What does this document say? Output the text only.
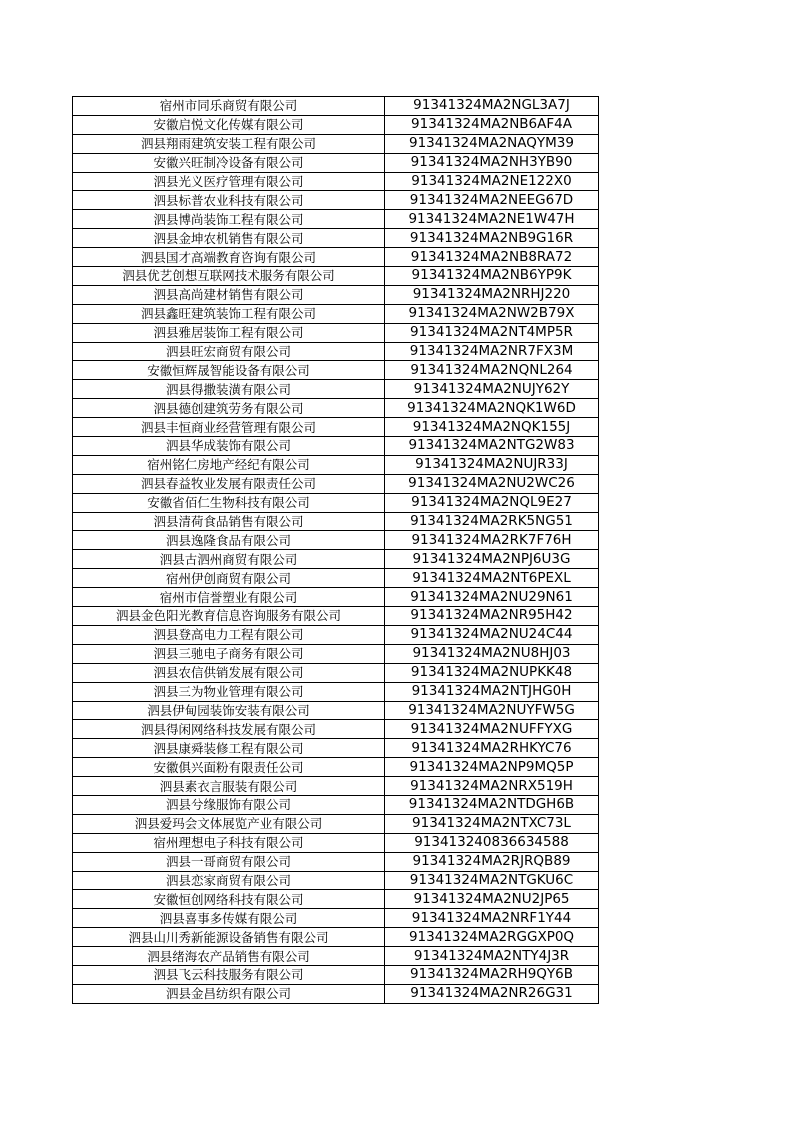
宿州市同乐商贸有限公司	91341324MA2NGL3A7J
安徽启悦文化传媒有限公司	91341324MA2NB6AF4A
泗县翔雨建筑安装工程有限公司	91341324MA2NAQYM39
安徽兴旺制冷设备有限公司	91341324MA2NH3YB90
泗县光义医疗管理有限公司	91341324MA2NE122X0
泗县标普农业科技有限公司	91341324MA2NEEG67D
泗县博尚装饰工程有限公司	91341324MA2NE1W47H
泗县金坤农机销售有限公司	91341324MA2NB9G16R
泗县国才高端教育咨询有限公司	91341324MA2NB8RA72
泗县优艺创想互联网技术服务有限公司	91341324MA2NB6YP9K
泗县高尚建材销售有限公司	91341324MA2NRHJ220
泗县鑫旺建筑装饰工程有限公司	91341324MA2NW2B79X
泗县雅居装饰工程有限公司	91341324MA2NT4MP5R
泗县旺宏商贸有限公司	91341324MA2NR7FX3M
安徽恒辉晟智能设备有限公司	91341324MA2NQNL264
泗县得撒装潢有限公司	91341324MA2NUJY62Y
泗县德创建筑劳务有限公司	91341324MA2NQK1W6D
泗县丰恒商业经营管理有限公司	91341324MA2NQK155J
泗县华成装饰有限公司	91341324MA2NTG2W83
宿州铭仁房地产经纪有限公司	91341324MA2NUJR33J
泗县春益牧业发展有限责任公司	91341324MA2NU2WC26
安徽省佰仁生物科技有限公司	91341324MA2NQL9E27
泗县清荷食品销售有限公司	91341324MA2RK5NG51
泗县逸隆食品有限公司	91341324MA2RK7F76H
泗县古泗州商贸有限公司	91341324MA2NPJ6U3G
宿州伊创商贸有限公司	91341324MA2NT6PEXL
宿州市信誉塑业有限公司	91341324MA2NU29N61
泗县金色阳光教育信息咨询服务有限公司	91341324MA2NR95H42
泗县登高电力工程有限公司	91341324MA2NU24C44
泗县三驰电子商务有限公司	91341324MA2NU8HJ03
泗县农信供销发展有限公司	91341324MA2NUPKK48
泗县三为物业管理有限公司	91341324MA2NTJHG0H
泗县伊甸园装饰安装有限公司	91341324MA2NUYFW5G
泗县得闲网络科技发展有限公司	91341324MA2NUFFYXG
泗县康舜装修工程有限公司	91341324MA2RHKYC76
安徽俱兴面粉有限责任公司	91341324MA2NP9MQ5P
泗县素衣言服装有限公司	91341324MA2NRX519H
泗县兮缘服饰有限公司	91341324MA2NTDGH6B
泗县爱玛会文体展览产业有限公司	91341324MA2NTXC73L
宿州理想电子科技有限公司	913413240836634588
泗县一哥商贸有限公司	91341324MA2RJRQB89
泗县恋家商贸有限公司	91341324MA2NTGKU6C
安徽恒创网络科技有限公司	91341324MA2NU2JP65
泗县喜事多传媒有限公司	91341324MA2NRF1Y44
泗县山川秀新能源设备销售有限公司	91341324MA2RGGXP0Q
泗县绪海农产品销售有限公司	91341324MA2NTY4J3R
泗县飞云科技服务有限公司	91341324MA2RH9QY6B
泗县金昌纺织有限公司	91341324MA2NR26G31
